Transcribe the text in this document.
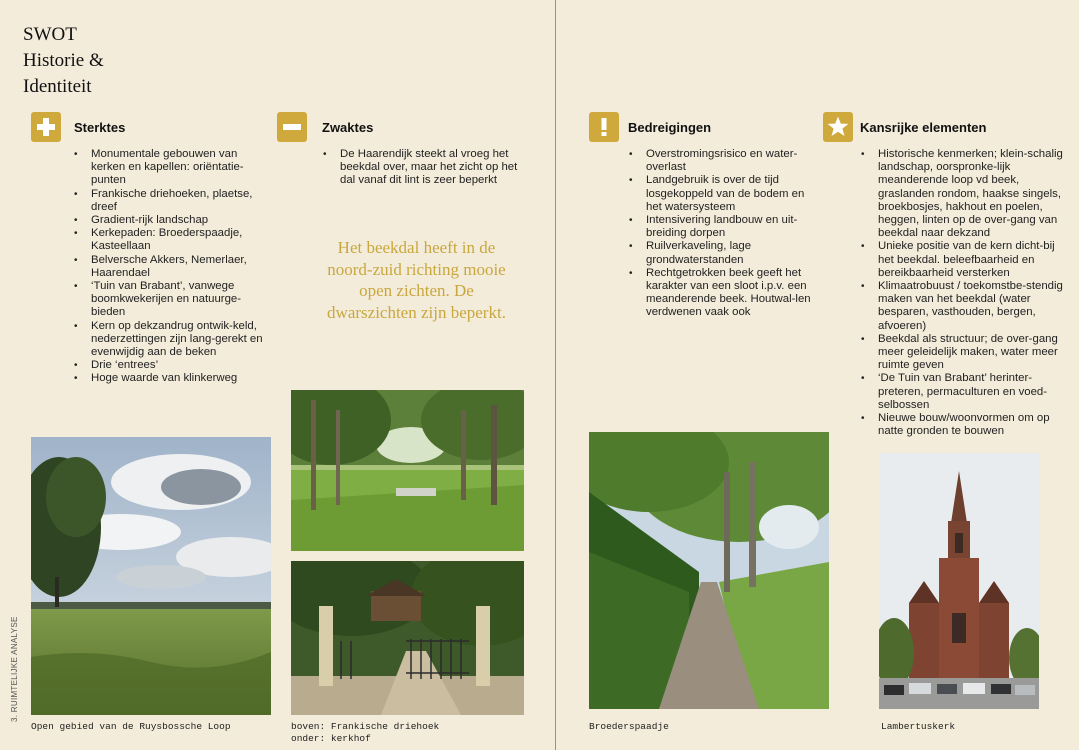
SWOT
Historie &
Identiteit
3. RUIMTELIJKE ANALYSE
Sterktes
• Monumentale gebouwen van kerken en kapellen: oriëntatie-punten
• Frankische driehoeken, plaetse, dreef
• Gradient-rijk landschap
• Kerkepaden: Broederspaadje, Kasteellaan
• Belversche Akkers, Nemerlaer, Haarendael
• ‘Tuin van Brabant’, vanwege boomkwekerijen en natuurge-bieden
• Kern op dekzandrug ontwik-keld, nederzettingen zijn lang-gerekt en evenwijdig aan de beken
• Drie ‘entrees’
• Hoge waarde van klinkerweg
Zwaktes
• De Haarendijk steekt al vroeg het beekdal over, maar het zicht op het dal vanaf dit lint is zeer beperkt
Het beekdal heeft in de noord-zuid richting mooie open zichten. De dwarszichten zijn beperkt.
Bedreigingen
• Overstromingsrisico en water-overlast
• Landgebruik is over de tijd losgekoppeld van de bodem en het watersysteem
• Intensivering landbouw en uit-breiding dorpen
• Ruilverkaveling, lage grondwaterstanden
• Rechtgetrokken beek geeft het karakter van een sloot i.p.v. een meanderende beek. Houtwal-len verdwenen vaak ook
Kansrijke elementen
• Historische kenmerken; klein-schalig landschap, oorspronke-lijk meanderende loop vd beek, graslanden rondom, haakse singels, broekbosjes, hakhout en poelen, heggen, linten op de over-gang van beekdal naar dekzand
• Unieke positie van de kern dicht-bij het beekdal. beleefbaarheid en bereikbaarheid versterken
• Klimaatrobuust / toekomstbe-stendig maken van het beekdal (water besparen, vasthouden, bergen, afvoeren)
• Beekdal als structuur; de over-gang meer geleidelijk maken, water meer ruimte geven
• ‘De Tuin van Brabant’ herinter-preteren, permaculturen en voed-selbossen
• Nieuwe bouw/woonvormen om op natte gronden te bouwen
Open gebied van de Ruysbossche Loop	boven: Frankische driehoek
onder: kerkhof
Broederspaadje	Lambertuskerk
